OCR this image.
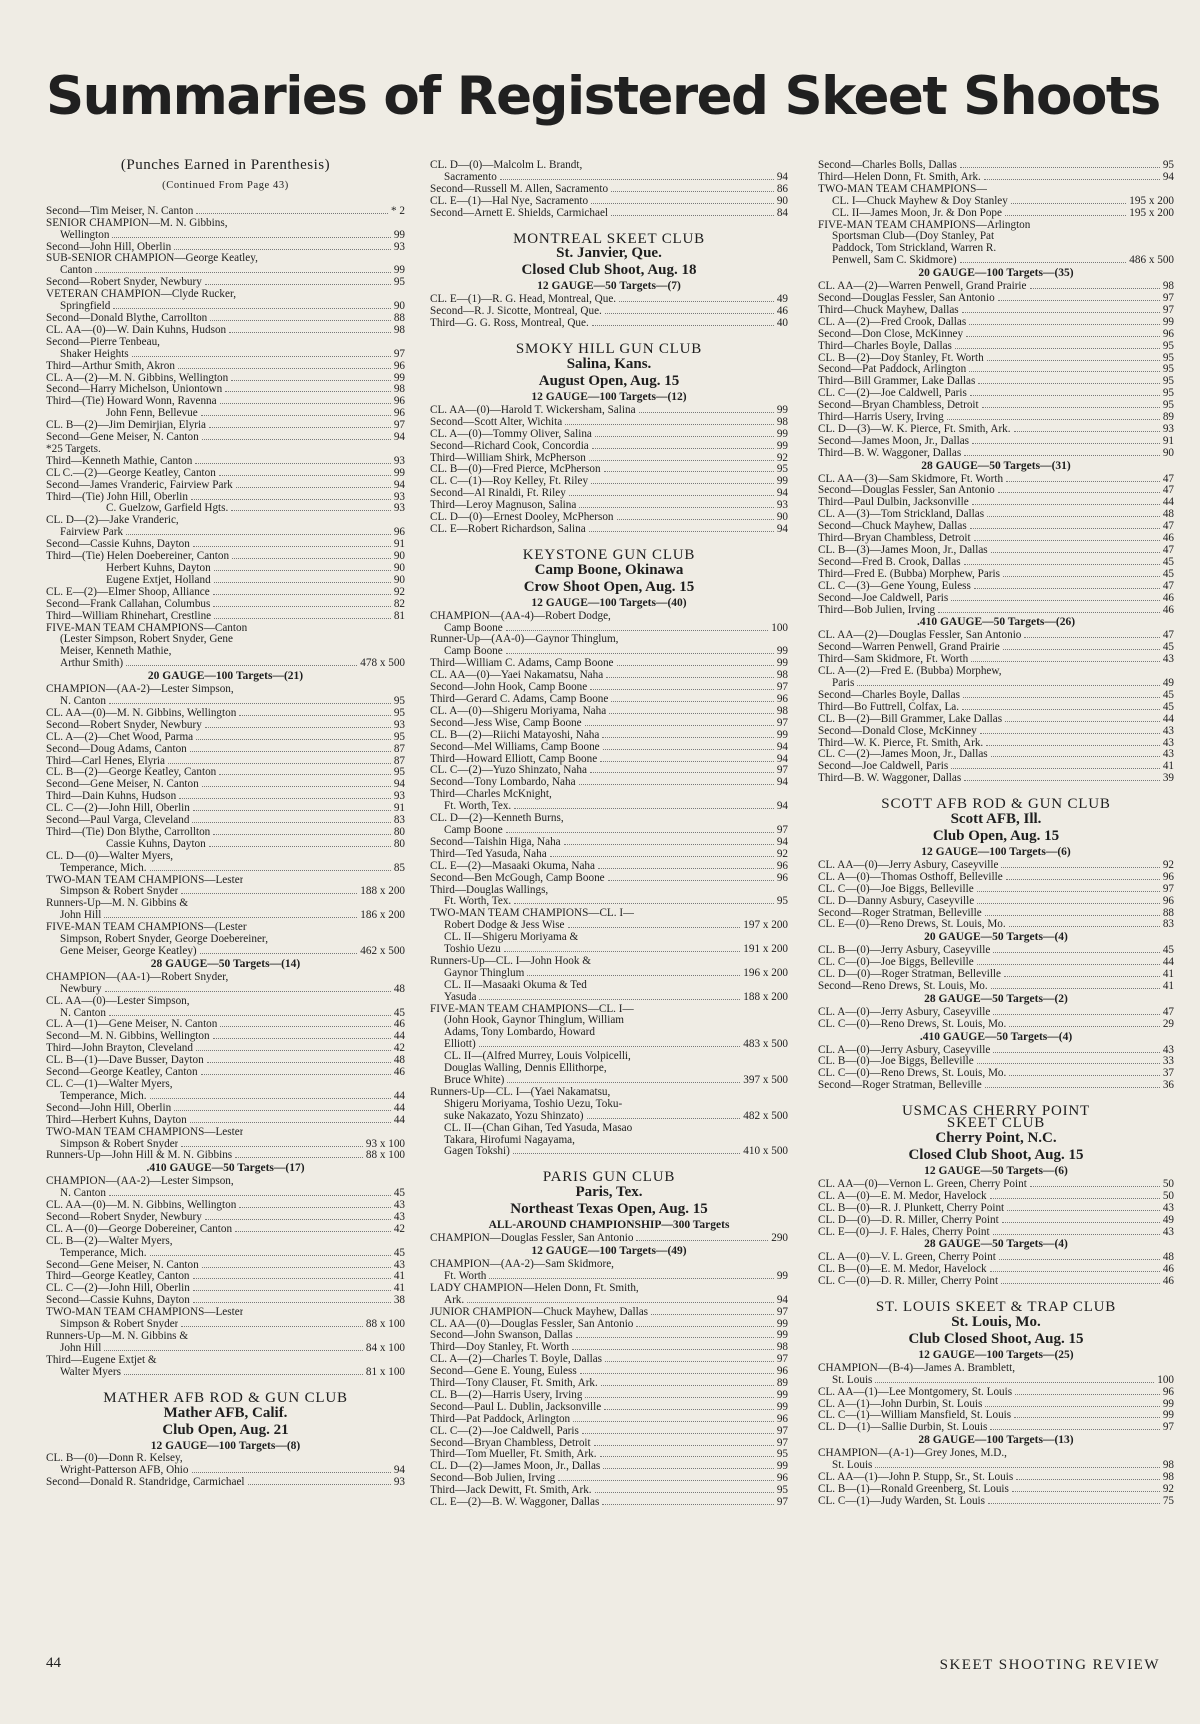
Summaries of Registered Skeet Shoots
(Punches Earned in Parenthesis)
(Continued From Page 43)
Second—Tim Meiser, N. Canton	* 2
SENIOR CHAMPION—M. N. Gibbins,
Wellington	99
Second—John Hill, Oberlin	93
SUB-SENIOR CHAMPION—George Keatley,
Canton	99
Second—Robert Snyder, Newbury	95
VETERAN CHAMPION—Clyde Rucker,
Springfield	90
Second—Donald Blythe, Carrollton	88
CL. AA—(0)—W. Dain Kuhns, Hudson	98
Second—Pierre Tenbeau,
Shaker Heights	97
Third—Arthur Smith, Akron	96
CL. A—(2)—M. N. Gibbins, Wellington	99
Second—Harry Michelson, Uniontown	98
Third—(Tie) Howard Wonn, Ravenna	96
John Fenn, Bellevue	96
CL. B—(2)—Jim Demirjian, Elyria	97
Second—Gene Meiser, N. Canton	94
*25 Targets.
Third—Kenneth Mathie, Canton	93
CL C.—(2)—George Keatley, Canton	99
Second—James Vranderic, Fairview Park	94
Third—(Tie) John Hill, Oberlin	93
C. Guelzow, Garfield Hgts.	93
CL. D—(2)—Jake Vranderic,
Fairview Park	96
Second—Cassie Kuhns, Dayton	91
Third—(Tie) Helen Doebereiner, Canton	90
Herbert Kuhns, Dayton	90
Eugene Extjet, Holland	90
CL. E—(2)—Elmer Shoop, Alliance	92
Second—Frank Callahan, Columbus	82
Third—William Rhinehart, Crestline	81
FIVE-MAN TEAM CHAMPIONS—Canton
(Lester Simpson, Robert Snyder, Gene
Meiser, Kenneth Mathie,
Arthur Smith)	478 x 500
20 GAUGE—100 Targets—(21)
CHAMPION—(AA-2)—Lester Simpson,
N. Canton	95
CL. AA—(0)—M. N. Gibbins, Wellington	95
Second—Robert Snyder, Newbury	93
CL. A—(2)—Chet Wood, Parma	95
Second—Doug Adams, Canton	87
Third—Carl Henes, Elyria	87
CL. B—(2)—George Keatley, Canton	95
Second—Gene Meiser, N. Canton	94
Third—Dain Kuhns, Hudson	93
CL. C—(2)—John Hill, Oberlin	91
Second—Paul Varga, Cleveland	83
Third—(Tie) Don Blythe, Carrollton	80
Cassie Kuhns, Dayton	80
CL. D—(0)—Walter Myers,
Temperance, Mich.	85
TWO-MAN TEAM CHAMPIONS—Lester
Simpson & Robert Snyder	188 x 200
Runners-Up—M. N. Gibbins &
John Hill	186 x 200
FIVE-MAN TEAM CHAMPIONS—(Lester
Simpson, Robert Snyder, George Doebereiner,
Gene Meiser, George Keatley)	462 x 500
28 GAUGE—50 Targets—(14)
CHAMPION—(AA-1)—Robert Snyder,
Newbury	48
CL. AA—(0)—Lester Simpson,
N. Canton	45
CL. A—(1)—Gene Meiser, N. Canton	46
Second—M. N. Gibbins, Wellington	44
Third—John Brayton, Cleveland	42
CL. B—(1)—Dave Busser, Dayton	48
Second—George Keatley, Canton	46
CL. C—(1)—Walter Myers,
Temperance, Mich.	44
Second—John Hill, Oberlin	44
Third—Herbert Kuhns, Dayton	44
TWO-MAN TEAM CHAMPIONS—Lester
Simpson & Robert Snyder	93 x 100
Runners-Up—John Hill & M. N. Gibbins	88 x 100
.410 GAUGE—50 Targets—(17)
CHAMPION—(AA-2)—Lester Simpson,
N. Canton	45
CL. AA—(0)—M. N. Gibbins, Wellington	43
Second—Robert Snyder, Newbury	43
CL. A—(0)—George Dobereiner, Canton	42
CL. B—(2)—Walter Myers,
Temperance, Mich.	45
Second—Gene Meiser, N. Canton	43
Third—George Keatley, Canton	41
CL. C—(2)—John Hill, Oberlin	41
Second—Cassie Kuhns, Dayton	38
TWO-MAN TEAM CHAMPIONS—Lester
Simpson & Robert Snyder	88 x 100
Runners-Up—M. N. Gibbins &
John Hill	84 x 100
Third—Eugene Extjet &
Walter Myers	81 x 100
MATHER AFB ROD & GUN CLUB
Mather AFB, Calif.
Club Open, Aug. 21
12 GAUGE—100 Targets—(8)
CL. B—(0)—Donn R. Kelsey,
Wright-Patterson AFB, Ohio	94
Second—Donald R. Standridge, Carmichael	93
CL. D—(0)—Malcolm L. Brandt,
Sacramento	94
Second—Russell M. Allen, Sacramento	86
CL. E—(1)—Hal Nye, Sacramento	90
Second—Arnett E. Shields, Carmichael	84
MONTREAL SKEET CLUB
St. Janvier, Que.
Closed Club Shoot, Aug. 18
12 GAUGE—50 Targets—(7)
CL. E—(1)—R. G. Head, Montreal, Que.	49
Second—R. J. Sicotte, Montreal, Que.	46
Third—G. G. Ross, Montreal, Que.	40
SMOKY HILL GUN CLUB
Salina, Kans.
August Open, Aug. 15
12 GAUGE—100 Targets—(12)
CL. AA—(0)—Harold T. Wickersham, Salina	99
Second—Scott Alter, Wichita	98
CL. A—(0)—Tommy Oliver, Salina	99
Second—Richard Cook, Concordia	99
Third—William Shirk, McPherson	92
CL. B—(0)—Fred Pierce, McPherson	95
CL. C—(1)—Roy Kelley, Ft. Riley	99
Second—Al Rinaldi, Ft. Riley	94
Third—Leroy Magnuson, Salina	93
CL. D—(0)—Ernest Dooley, McPherson	90
CL. E—Robert Richardson, Salina	94
KEYSTONE GUN CLUB
Camp Boone, Okinawa
Crow Shoot Open, Aug. 15
12 GAUGE—100 Targets—(40)
CHAMPION—(AA-4)—Robert Dodge,
Camp Boone	100
Runner-Up—(AA-0)—Gaynor Thinglum,
Camp Boone	99
Third—William C. Adams, Camp Boone	99
CL. AA—(0)—Yaei Nakamatsu, Naha	98
Second—John Hook, Camp Boone	97
Third—Gerard C. Adams, Camp Boone	96
CL. A—(0)—Shigeru Moriyama, Naha	98
Second—Jess Wise, Camp Boone	97
CL. B—(2)—Riichi Matayoshi, Naha	99
Second—Mel Williams, Camp Boone	94
Third—Howard Elliott, Camp Boone	94
CL. C—(2)—Yuzo Shinzato, Naha	97
Second—Tony Lombardo, Naha	94
Third—Charles McKnight,
Ft. Worth, Tex.	94
CL. D—(2)—Kenneth Burns,
Camp Boone	97
Second—Taishin Higa, Naha	94
Third—Ted Yasuda, Naha	92
CL. E—(2)—Masaaki Okuma, Naha	96
Second—Ben McGough, Camp Boone	96
Third—Douglas Wallings,
Ft. Worth, Tex.	95
TWO-MAN TEAM CHAMPIONS—CL. I—
Robert Dodge & Jess Wise	197 x 200
CL. II—Shigeru Moriyama &
Toshio Uezu	191 x 200
Runners-Up—CL. I—John Hook &
Gaynor Thinglum	196 x 200
CL. II—Masaaki Okuma & Ted
Yasuda	188 x 200
FIVE-MAN TEAM CHAMPIONS—CL. I—
(John Hook, Gaynor Thinglum, William
Adams, Tony Lombardo, Howard
Elliott)	483 x 500
CL. II—(Alfred Murrey, Louis Volpicelli,
Douglas Walling, Dennis Ellithorpe,
Bruce White)	397 x 500
Runners-Up—CL. I—(Yaei Nakamatsu,
Shigeru Moriyama, Toshio Uezu, Toku-
suke Nakazato, Yozu Shinzato)	482 x 500
CL. II—(Chan Gihan, Ted Yasuda, Masao
Takara, Hirofumi Nagayama,
Gagen Tokshi)	410 x 500
PARIS GUN CLUB
Paris, Tex.
Northeast Texas Open, Aug. 15
ALL-AROUND CHAMPIONSHIP—300 Targets
CHAMPION—Douglas Fessler, San Antonio	290
12 GAUGE—100 Targets—(49)
CHAMPION—(AA-2)—Sam Skidmore,
Ft. Worth	99
LADY CHAMPION—Helen Donn, Ft. Smith,
Ark.	94
JUNIOR CHAMPION—Chuck Mayhew, Dallas	97
CL. AA—(0)—Douglas Fessler, San Antonio	99
Second—John Swanson, Dallas	99
Third—Doy Stanley, Ft. Worth	98
CL. A—(2)—Charles T. Boyle, Dallas	97
Second—Gene E. Young, Euless	96
Third—Tony Clauser, Ft. Smith, Ark.	89
CL. B—(2)—Harris Usery, Irving	99
Second—Paul L. Dublin, Jacksonville	99
Third—Pat Paddock, Arlington	96
CL. C—(2)—Joe Caldwell, Paris	97
Second—Bryan Chambless, Detroit	97
Third—Tom Mueller, Ft. Smith, Ark.	95
CL. D—(2)—James Moon, Jr., Dallas	99
Second—Bob Julien, Irving	96
Third—Jack Dewitt, Ft. Smith, Ark.	95
CL. E—(2)—B. W. Waggoner, Dallas	97
Second—Charles Bolls, Dallas	95
Third—Helen Donn, Ft. Smith, Ark.	94
TWO-MAN TEAM CHAMPIONS—
CL. I—Chuck Mayhew & Doy Stanley	195 x 200
CL. II—James Moon, Jr. & Don Pope	195 x 200
FIVE-MAN TEAM CHAMPIONS—Arlington
Sportsman Club—(Doy Stanley, Pat
Paddock, Tom Strickland, Warren R.
Penwell, Sam C. Skidmore)	486 x 500
20 GAUGE—100 Targets—(35)
CL. AA—(2)—Warren Penwell, Grand Prairie	98
Second—Douglas Fessler, San Antonio	97
Third—Chuck Mayhew, Dallas	97
CL. A—(2)—Fred Crook, Dallas	99
Second—Don Close, McKinney	96
Third—Charles Boyle, Dallas	95
CL. B—(2)—Doy Stanley, Ft. Worth	95
Second—Pat Paddock, Arlington	95
Third—Bill Grammer, Lake Dallas	95
CL. C—(2)—Joe Caldwell, Paris	95
Second—Bryan Chambless, Detroit	95
Third—Harris Usery, Irving	89
CL. D—(3)—W. K. Pierce, Ft. Smith, Ark.	93
Second—James Moon, Jr., Dallas	91
Third—B. W. Waggoner, Dallas	90
28 GAUGE—50 Targets—(31)
CL. AA—(3)—Sam Skidmore, Ft. Worth	47
Second—Douglas Fessler, San Antonio	47
Third—Paul Dulbin, Jacksonville	44
CL. A—(3)—Tom Strickland, Dallas	48
Second—Chuck Mayhew, Dallas	47
Third—Bryan Chambless, Detroit	46
CL. B—(3)—James Moon, Jr., Dallas	47
Second—Fred B. Crook, Dallas	45
Third—Fred E. (Bubba) Morphew, Paris	45
CL. C—(3)—Gene Young, Euless	47
Second—Joe Caldwell, Paris	46
Third—Bob Julien, Irving	46
.410 GAUGE—50 Targets—(26)
CL. AA—(2)—Douglas Fessler, San Antonio	47
Second—Warren Penwell, Grand Prairie	45
Third—Sam Skidmore, Ft. Worth	43
CL. A—(2)—Fred E. (Bubba) Morphew,
Paris	49
Second—Charles Boyle, Dallas	45
Third—Bo Futtrell, Colfax, La.	45
CL. B—(2)—Bill Grammer, Lake Dallas	44
Second—Donald Close, McKinney	43
Third—W. K. Pierce, Ft. Smith, Ark.	43
CL. C—(2)—James Moon, Jr., Dallas	43
Second—Joe Caldwell, Paris	41
Third—B. W. Waggoner, Dallas	39
SCOTT AFB ROD & GUN CLUB
Scott AFB, Ill.
Club Open, Aug. 15
12 GAUGE—100 Targets—(6)
CL. AA—(0)—Jerry Asbury, Caseyville	92
CL. A—(0)—Thomas Osthoff, Belleville	96
CL. C—(0)—Joe Biggs, Belleville	97
CL. D—Danny Asbury, Caseyville	96
Second—Roger Stratman, Belleville	88
CL. E—(0)—Reno Drews, St. Louis, Mo.	83
20 GAUGE—50 Targets—(4)
CL. B—(0)—Jerry Asbury, Caseyville	45
CL. C—(0)—Joe Biggs, Belleville	44
CL. D—(0)—Roger Stratman, Belleville	41
Second—Reno Drews, St. Louis, Mo.	41
28 GAUGE—50 Targets—(2)
CL. A—(0)—Jerry Asbury, Caseyville	47
CL. C—(0)—Reno Drews, St. Louis, Mo.	29
.410 GAUGE—50 Targets—(4)
CL. A—(0)—Jerry Asbury, Caseyville	43
CL. B—(0)—Joe Biggs, Belleville	33
CL. C—(0)—Reno Drews, St. Louis, Mo.	37
Second—Roger Stratman, Belleville	36
USMCAS CHERRY POINT
SKEET CLUB
Cherry Point, N.C.
Closed Club Shoot, Aug. 15
12 GAUGE—50 Targets—(6)
CL. AA—(0)—Vernon L. Green, Cherry Point	50
CL. A—(0)—E. M. Medor, Havelock	50
CL. B—(0)—R. J. Plunkett, Cherry Point	43
CL. D—(0)—D. R. Miller, Cherry Point	49
CL. E—(0)—J. F. Hales, Cherry Point	43
28 GAUGE—50 Targets—(4)
CL. A—(0)—V. L. Green, Cherry Point	48
CL. B—(0)—E. M. Medor, Havelock	46
CL. C—(0)—D. R. Miller, Cherry Point	46
ST. LOUIS SKEET & TRAP CLUB
St. Louis, Mo.
Club Closed Shoot, Aug. 15
12 GAUGE—100 Targets—(25)
CHAMPION—(B-4)—James A. Bramblett,
St. Louis	100
CL. AA—(1)—Lee Montgomery, St. Louis	96
CL. A—(1)—John Durbin, St. Louis	99
CL. C—(1)—William Mansfield, St. Louis	99
CL. D—(1)—Sallie Durbin, St. Louis	97
28 GAUGE—100 Targets—(13)
CHAMPION—(A-1)—Grey Jones, M.D.,
St. Louis	98
CL. AA—(1)—John P. Stupp, Sr., St. Louis	98
CL. B—(1)—Ronald Greenberg, St. Louis	92
CL. C—(1)—Judy Warden, St. Louis	75
44	SKEET SHOOTING REVIEW
